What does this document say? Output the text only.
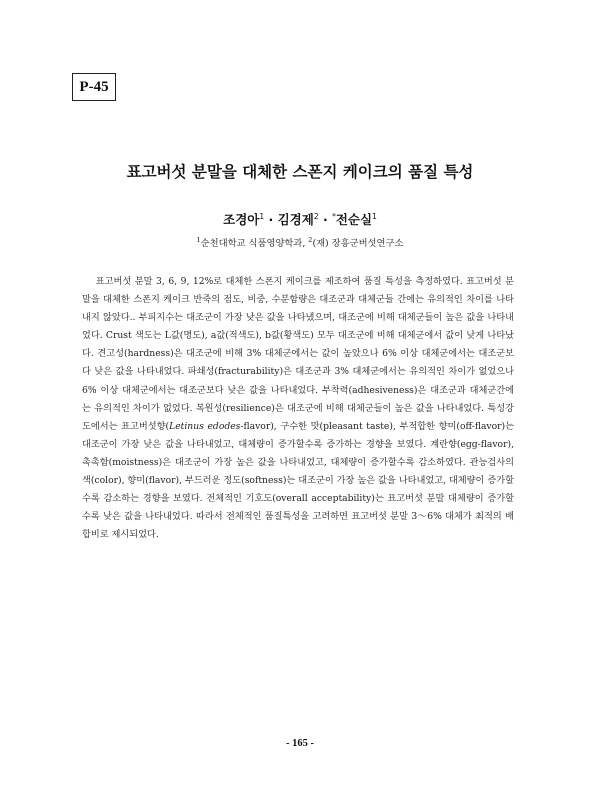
P-45
표고버섯 분말을 대체한 스폰지 케이크의 품질 특성
조경아$^1$ · 김경제$^2$ · *전순실$^1$
$^1$순천대학교 식품영양학과, $^2$(재) 장흥군버섯연구소

표고버섯 분말 3, 6, 9, 12%로 대체한 스폰지 케이크를 제조하여 품질 특성을 측정하였다. 표고버섯 분말을 대체한 스폰지 케이크 반죽의 점도, 비중, 수분함량은 대조군과 대체군들 간에는 유의적인 차이를 나타내지 않았다.. 부피지수는 대조군이 가장 낮은 값을 나타냈으며, 대조군에 비해 대체군들이 높은 값을 나타내었다. Crust 색도는 L값(명도), a값(적색도), b값(황색도) 모두 대조군에 비해 대체군에서 값이 낮게 나타났다. 견고성(hardness)은 대조군에 비해 3% 대체군에서는 값이 높았으나 6% 이상 대체군에서는 대조군보다 낮은 값을 나타내었다. 파쇄성(fracturability)은 대조군과 3% 대체군에서는 유의적인 차이가 없었으나 6% 이상 대체군에서는 대조군보다 낮은 값을 나타내었다. 부착력(adhesiveness)은 대조군과 대체군간에는 유의적인 차이가 없었다. 복원성(resilience)은 대조군에 비해 대체군들이 높은 값을 나타내었다. 특성강도에서는 표고버섯향(Letinus edodes-flavor), 구수한 맛(pleasant taste), 부적합한 향미(off-flavor)는 대조군이 가장 낮은 값을 나타내었고, 대체량이 증가할수록 증가하는 경향을 보였다. 계란향(egg-flavor), 촉촉함(moistness)은 대조군이 가장 높은 값을 나타내었고, 대체량이 증가할수록 감소하였다. 관능검사의 색(color), 향미(flavor), 부드러운 정도(softness)는 대조군이 가장 높은 값을 나타내었고, 대체량이 증가할수록 감소하는 경향을 보였다. 전체적인 기호도(overall acceptability)는 표고버섯 분말 대체량이 증가할수록 낮은 값을 나타내었다. 따라서 전체적인 품질특성을 고려하면 표고버섯 분말 3～6% 대체가 최적의 배합비로 제시되었다.

- 165 -
